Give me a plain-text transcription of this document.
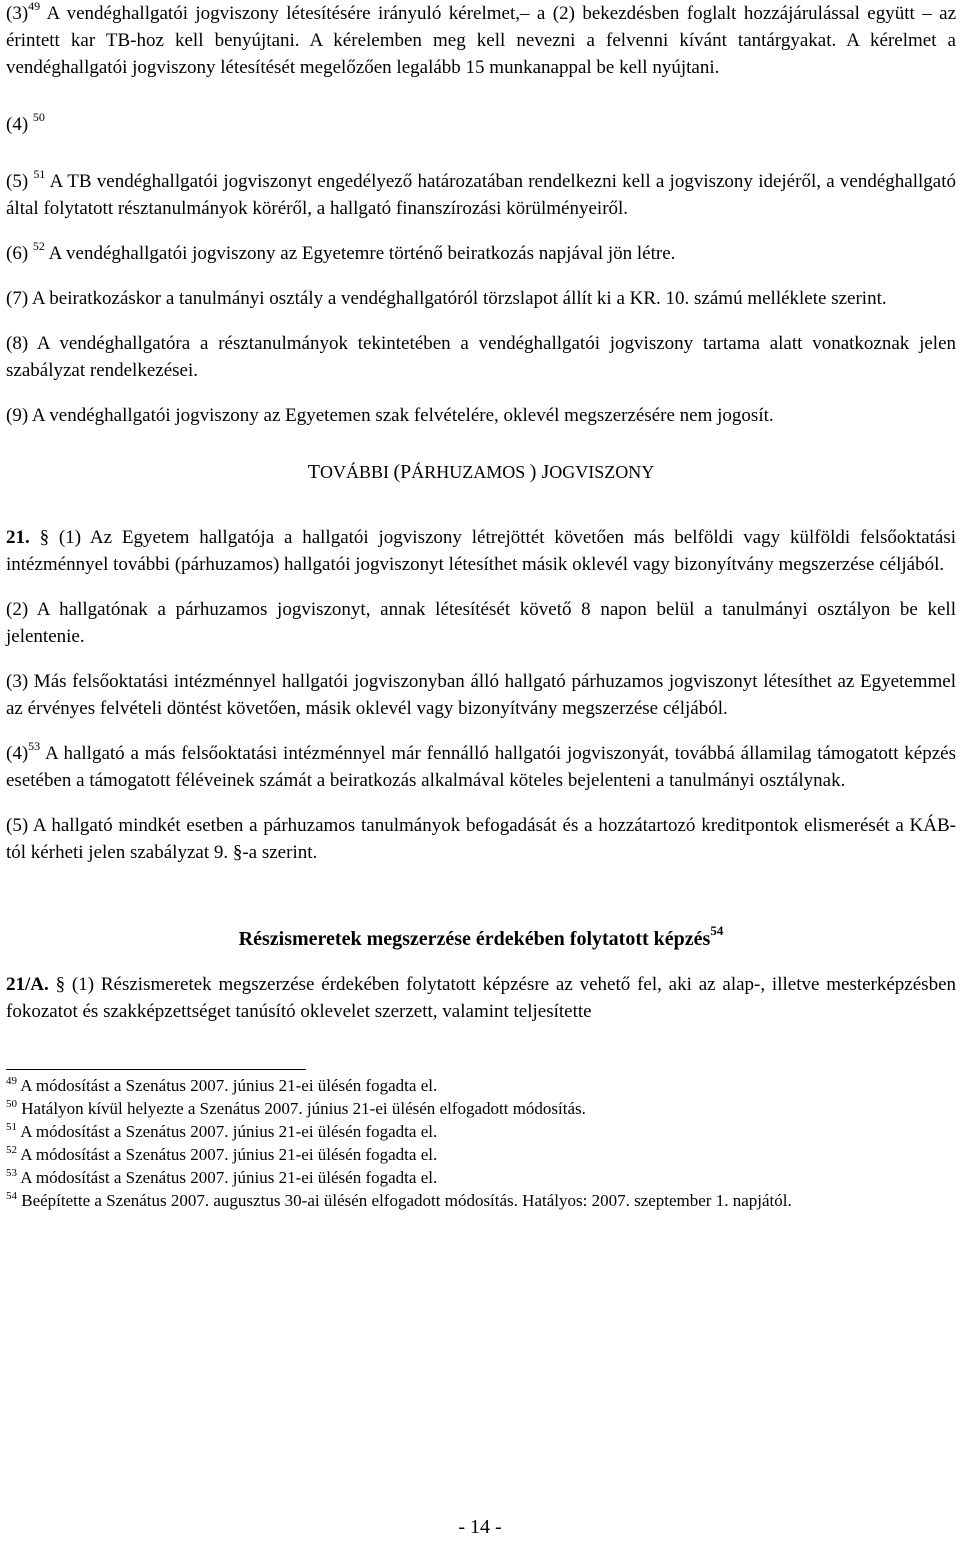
$(3)^{49}$ A vendéghallgatói jogviszony létesítésére irányuló kérelmet,– a (2) bekezdésben foglalt hozzájárulással együtt – az érintett kar TB-hoz kell benyújtani. A kérelemben meg kell nevezni a felvenni kívánt tantárgyakat. A kérelmet a vendéghallgatói jogviszony létesítését megelőzően legalább 15 munkanappal be kell nyújtani.

(4) $^{50}$

(5) $^{51}$ A TB vendéghallgatói jogviszonyt engedélyező határozatában rendelkezni kell a jogviszony idejéről, a vendéghallgató által folytatott résztanulmányok köréről, a hallgató finanszírozási körülményeiről.

(6) $^{52}$ A vendéghallgatói jogviszony az Egyetemre történő beiratkozás napjával jön létre.

(7) A beiratkozáskor a tanulmányi osztály a vendéghallgatóról törzslapot állít ki a KR. 10. számú melléklete szerint.

(8) A vendéghallgatóra a résztanulmányok tekintetében a vendéghallgatói jogviszony tartama alatt vonatkoznak jelen szabályzat rendelkezései.

(9) A vendéghallgatói jogviszony az Egyetemen szak felvételére, oklevél megszerzésére nem jogosít.

TOVÁBBI (PÁRHUZAMOS ) JOGVISZONY

21. § (1) Az Egyetem hallgatója a hallgatói jogviszony létrejöttét követően más belföldi vagy külföldi felsőoktatási intézménnyel további (párhuzamos) hallgatói jogviszonyt létesíthet másik oklevél vagy bizonyítvány megszerzése céljából.

(2) A hallgatónak a párhuzamos jogviszonyt, annak létesítését követő 8 napon belül a tanulmányi osztályon be kell jelentenie.

(3) Más felsőoktatási intézménnyel hallgatói jogviszonyban álló hallgató párhuzamos jogviszonyt létesíthet az Egyetemmel az érvényes felvételi döntést követően, másik oklevél vagy bizonyítvány megszerzése céljából.

$(4)^{53}$ A hallgató a más felsőoktatási intézménnyel már fennálló hallgatói jogviszonyát, továbbá államilag támogatott képzés esetében a támogatott féléveinek számát a beiratkozás alkalmával köteles bejelenteni a tanulmányi osztálynak.

(5) A hallgató mindkét esetben a párhuzamos tanulmányok befogadását és a hozzátartozó kreditpontok elismerését a KÁB-tól kérheti jelen szabályzat 9. §-a szerint.

Részismeretek megszerzése érdekében folytatott képzés$^{54}$

21/A. § (1) Részismeretek megszerzése érdekében folytatott képzésre az vehető fel, aki az alap-, illetve mesterképzésben fokozatot és szakképzettséget tanúsító oklevelet szerzett, valamint teljesítette

$^{49}$ A módosítást a Szenátus 2007. június 21-ei ülésén fogadta el.

$^{50}$ Hatályon kívül helyezte a Szenátus 2007. június 21-ei ülésén elfogadott módosítás.

$^{51}$ A módosítást a Szenátus 2007. június 21-ei ülésén fogadta el.

$^{52}$ A módosítást a Szenátus 2007. június 21-ei ülésén fogadta el.

$^{53}$ A módosítást a Szenátus 2007. június 21-ei ülésén fogadta el.

$^{54}$ Beépítette a Szenátus 2007. augusztus 30-ai ülésén elfogadott módosítás. Hatályos: 2007. szeptember 1. napjától.

- 14 -
